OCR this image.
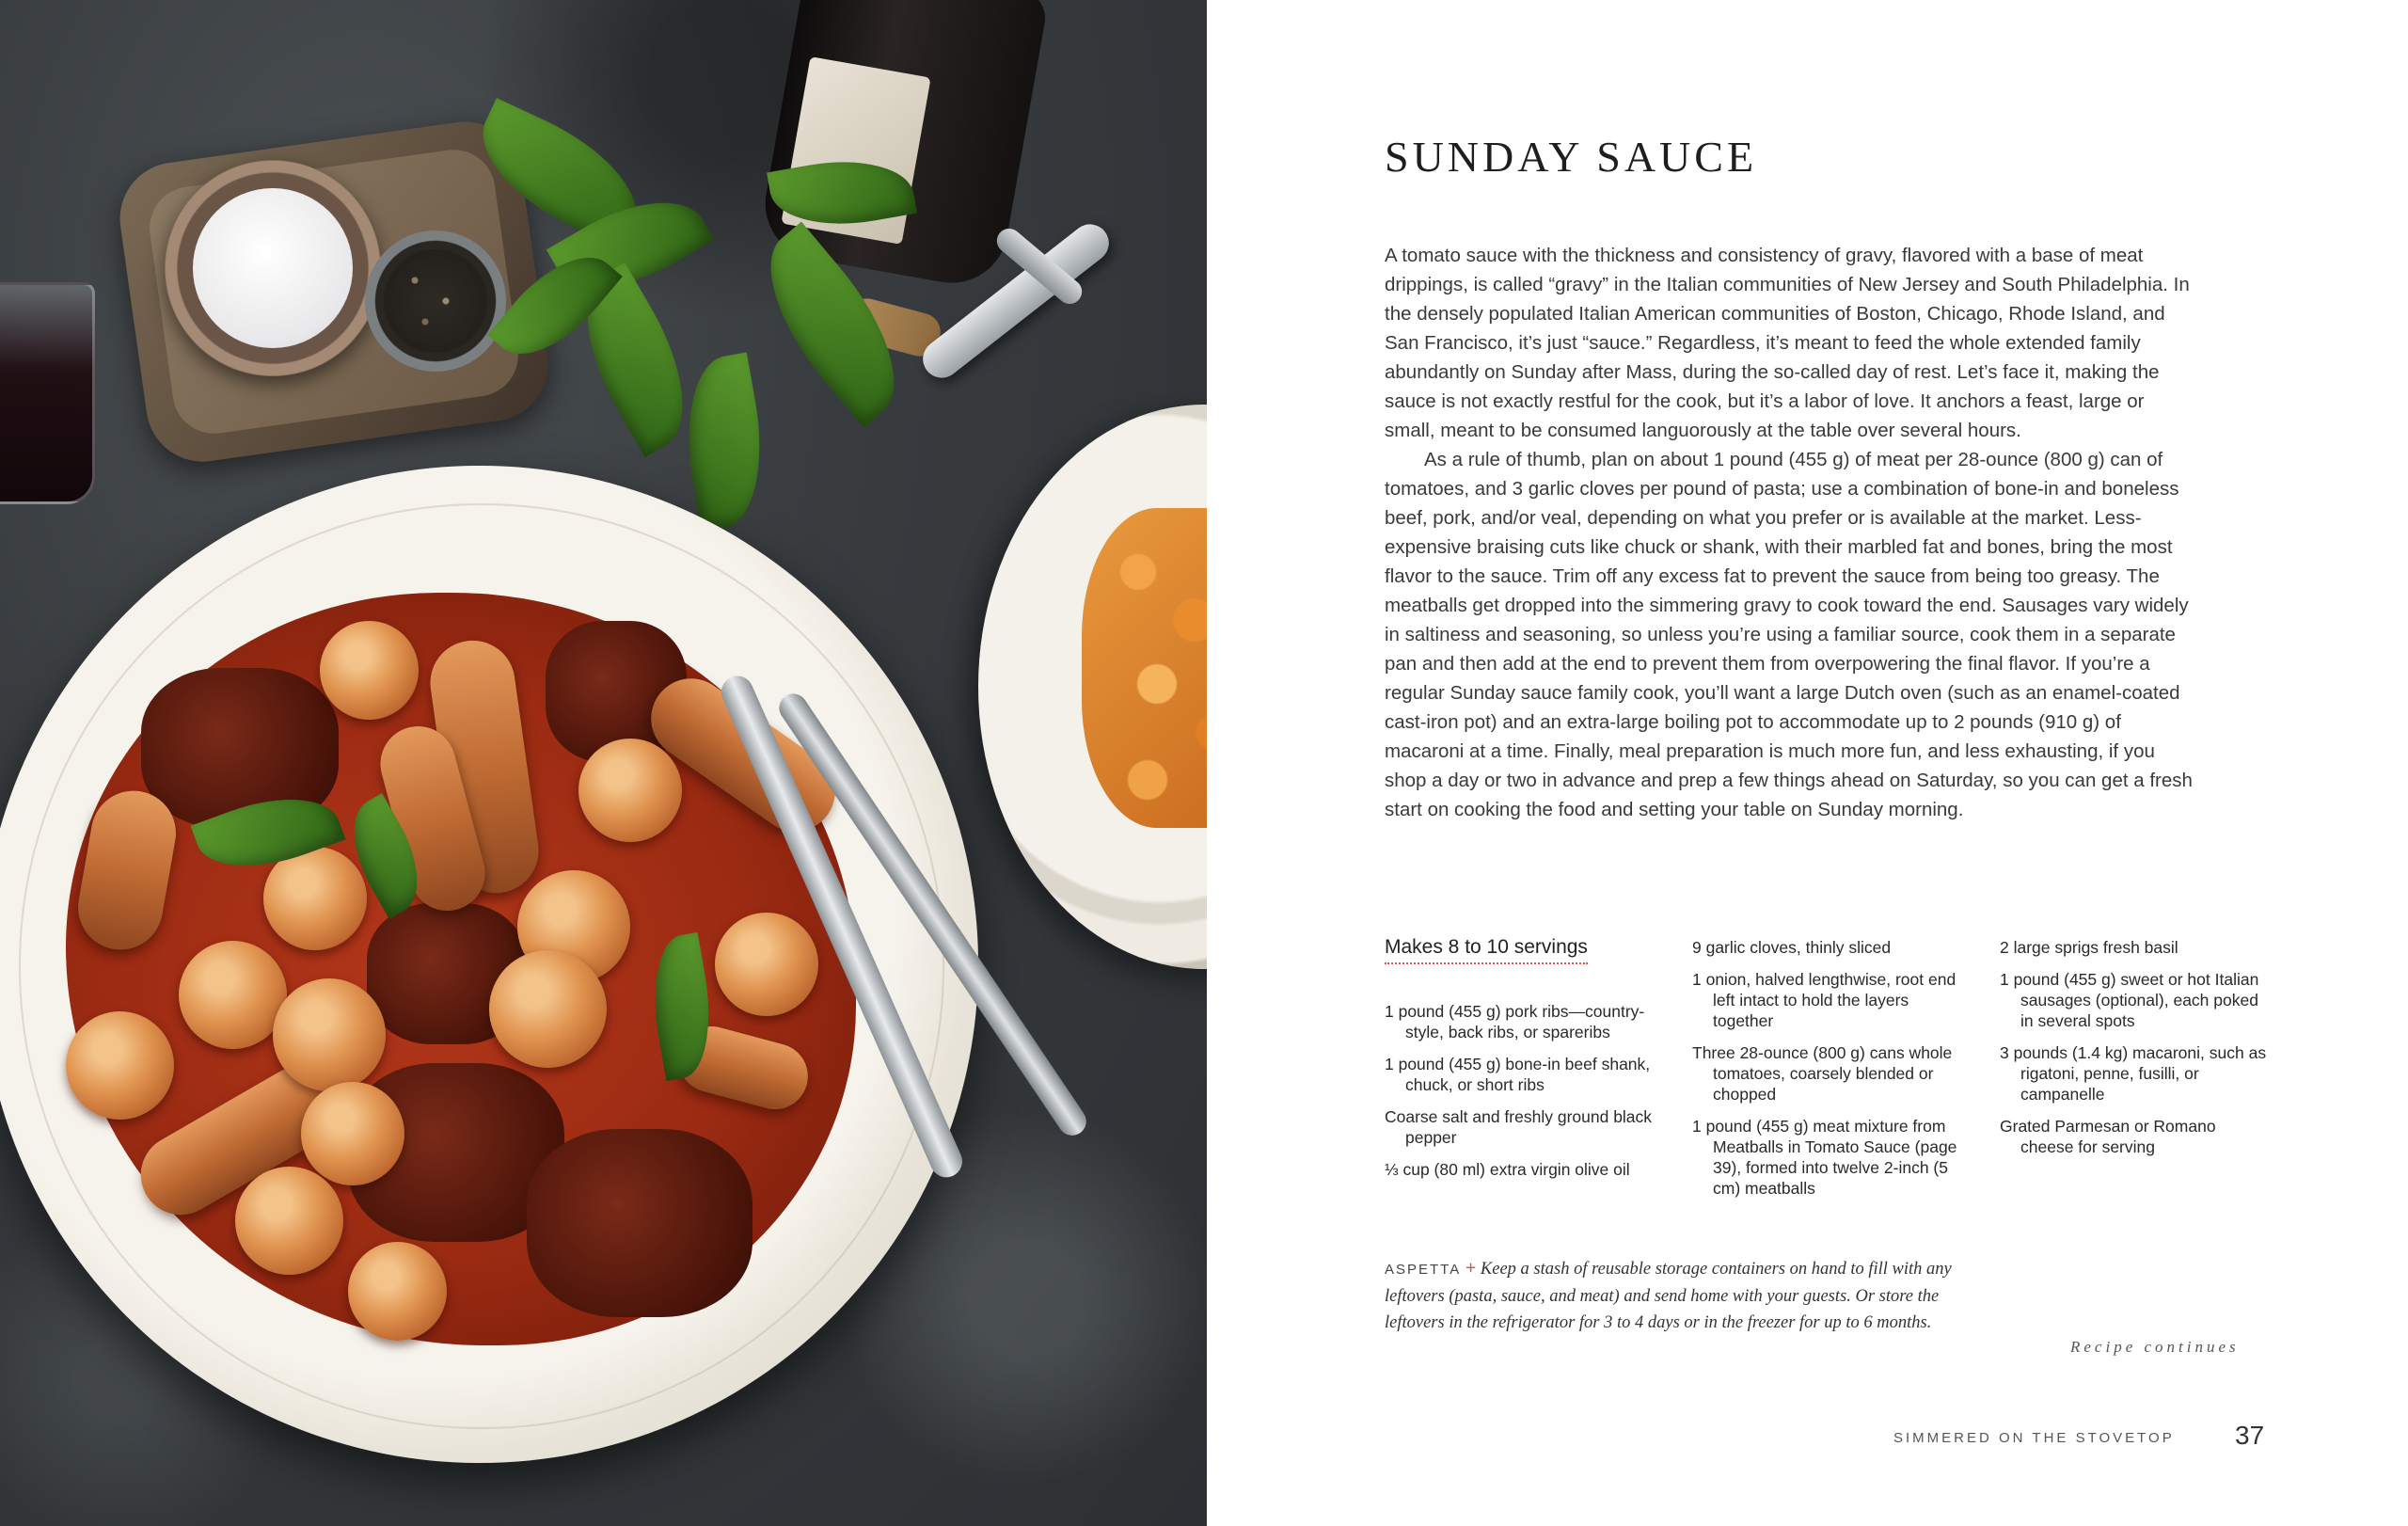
SUNDAY SAUCE

A tomato sauce with the thickness and consistency of gravy, flavored with a base of meat drippings, is called “gravy” in the Italian communities of New Jersey and South Philadelphia. In the densely populated Italian American communities of Boston, Chicago, Rhode Island, and San Francisco, it’s just “sauce.” Regardless, it’s meant to feed the whole extended family abundantly on Sunday after Mass, during the so-called day of rest. Let’s face it, making the sauce is not exactly restful for the cook, but it’s a labor of love. It anchors a feast, large or small, meant to be consumed languorously at the table over several hours.

As a rule of thumb, plan on about 1 pound (455 g) of meat per 28-ounce (800 g) can of tomatoes, and 3 garlic cloves per pound of pasta; use a combination of bone-in and boneless beef, pork, and/or veal, depending on what you prefer or is available at the market. Less-expensive braising cuts like chuck or shank, with their marbled fat and bones, bring the most flavor to the sauce. Trim off any excess fat to prevent the sauce from being too greasy. The meatballs get dropped into the simmering gravy to cook toward the end. Sausages vary widely in saltiness and seasoning, so unless you’re using a familiar source, cook them in a separate pan and then add at the end to prevent them from overpowering the final flavor. If you’re a regular Sunday sauce family cook, you’ll want a large Dutch oven (such as an enamel-coated cast-iron pot) and an extra-large boiling pot to accommodate up to 2 pounds (910 g) of macaroni at a time. Finally, meal preparation is much more fun, and less exhausting, if you shop a day or two in advance and prep a few things ahead on Saturday, so you can get a fresh start on cooking the food and setting your table on Sunday morning.

Makes 8 to 10 servings
1 pound (455 g) pork ribs—country-style, back ribs, or spareribs
1 pound (455 g) bone-in beef shank, chuck, or short ribs
Coarse salt and freshly ground black pepper
⅓ cup (80 ml) extra virgin olive oil
9 garlic cloves, thinly sliced
1 onion, halved lengthwise, root end left intact to hold the layers together
Three 28-ounce (800 g) cans whole tomatoes, coarsely blended or chopped
1 pound (455 g) meat mixture from Meatballs in Tomato Sauce (page 39), formed into twelve 2-inch (5 cm) meatballs
2 large sprigs fresh basil
1 pound (455 g) sweet or hot Italian sausages (optional), each poked in several spots
3 pounds (1.4 kg) macaroni, such as rigatoni, penne, fusilli, or campanelle
Grated Parmesan or Romano cheese for serving
ASPETTA + Keep a stash of reusable storage containers on hand to fill with any leftovers (pasta, sauce, and meat) and send home with your guests. Or store the leftovers in the refrigerator for 3 to 4 days or in the freezer for up to 6 months.
Recipe continues
SIMMERED ON THE STOVETOP 37
